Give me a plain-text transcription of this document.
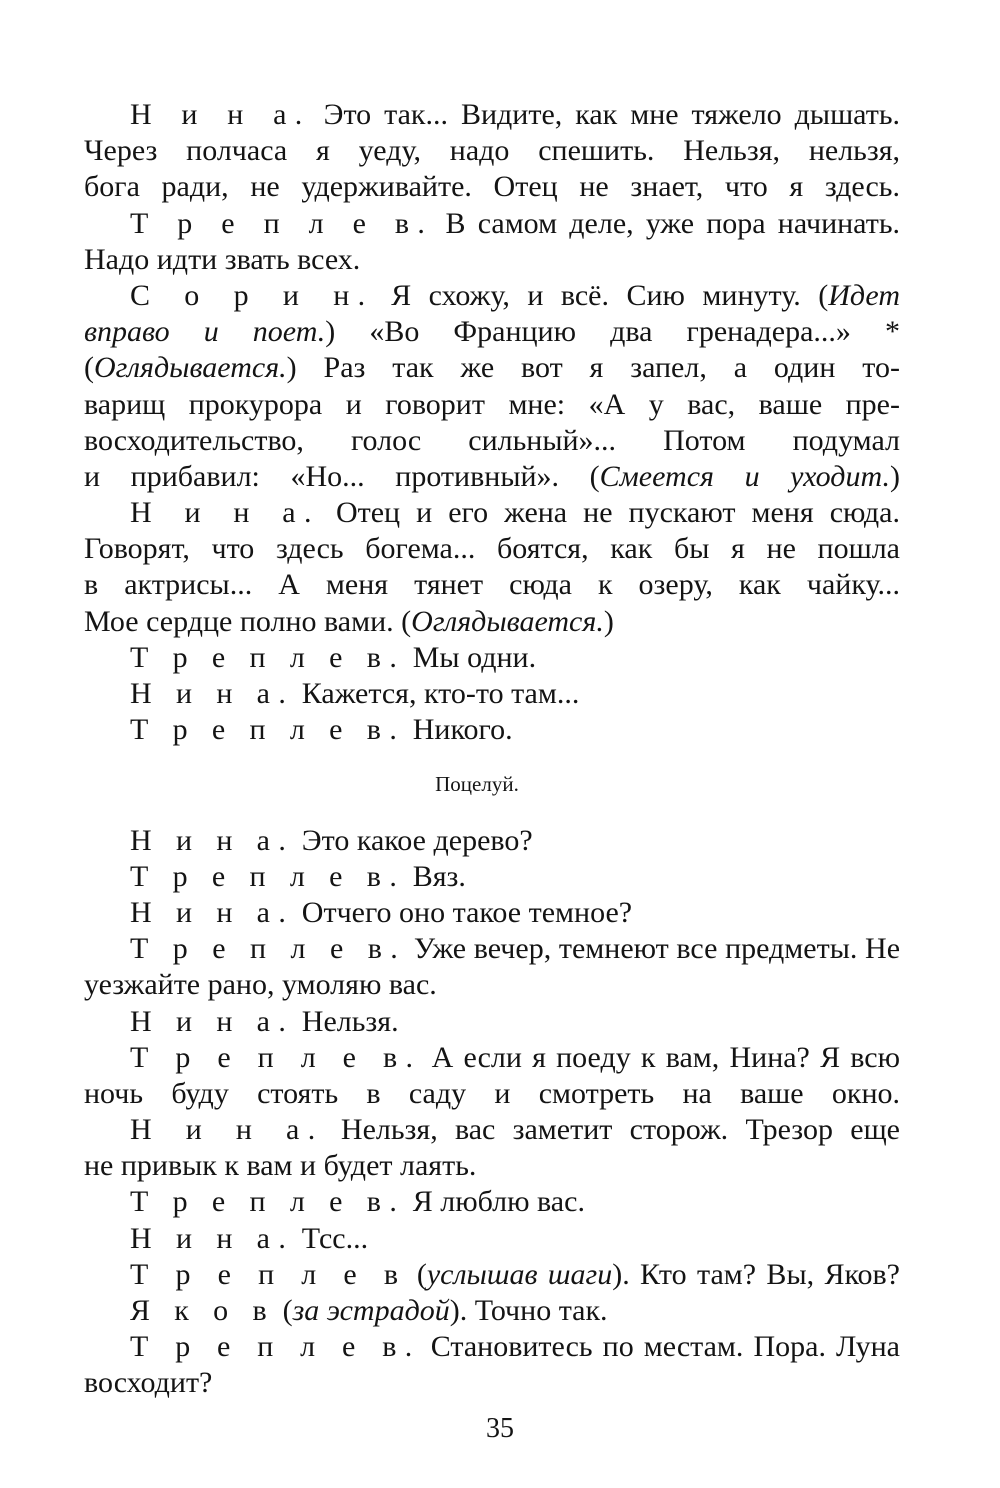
Н и н а. Это так... Видите, как мне тяжело дышать.
Через полчаса я уеду, надо спешить. Нельзя, нельзя,
бога ради, не удерживайте. Отец не знает, что я здесь.
Т р е п л е в. В самом деле, уже пора начинать.
Надо идти звать всех.
С о р и н. Я схожу, и всё. Сию минуту. (Идет
вправо и поет.) «Во Францию два гренадера...» *
(Оглядывается.) Раз так же вот я запел, а один то-
варищ прокурора и говорит мне: «А у вас, ваше пре-
восходительство, голос сильный»... Потом подумал
и прибавил: «Но... противный». (Смеется и уходит.)
Н и н а. Отец и его жена не пускают меня сюда.
Говорят, что здесь богема... боятся, как бы я не пошла
в актрисы... А меня тянет сюда к озеру, как чайку...
Мое сердце полно вами. (Оглядывается.)
Т р е п л е в. Мы одни.
Н и н а. Кажется, кто-то там...
Т р е п л е в. Никого.
Поцелуй.
Н и н а. Это какое дерево?
Т р е п л е в. Вяз.
Н и н а. Отчего оно такое темное?
Т р е п л е в. Уже вечер, темнеют все предметы. Не
уезжайте рано, умоляю вас.
Н и н а. Нельзя.
Т р е п л е в. А если я поеду к вам, Нина? Я всю
ночь буду стоять в саду и смотреть на ваше окно.
Н и н а. Нельзя, вас заметит сторож. Трезор еще
не привык к вам и будет лаять.
Т р е п л е в. Я люблю вас.
Н и н а. Тсс...
Т р е п л е в (услышав шаги). Кто там? Вы, Яков?
Я к о в (за эстрадой). Точно так.
Т р е п л е в. Становитесь по местам. Пора. Луна
восходит?
35
